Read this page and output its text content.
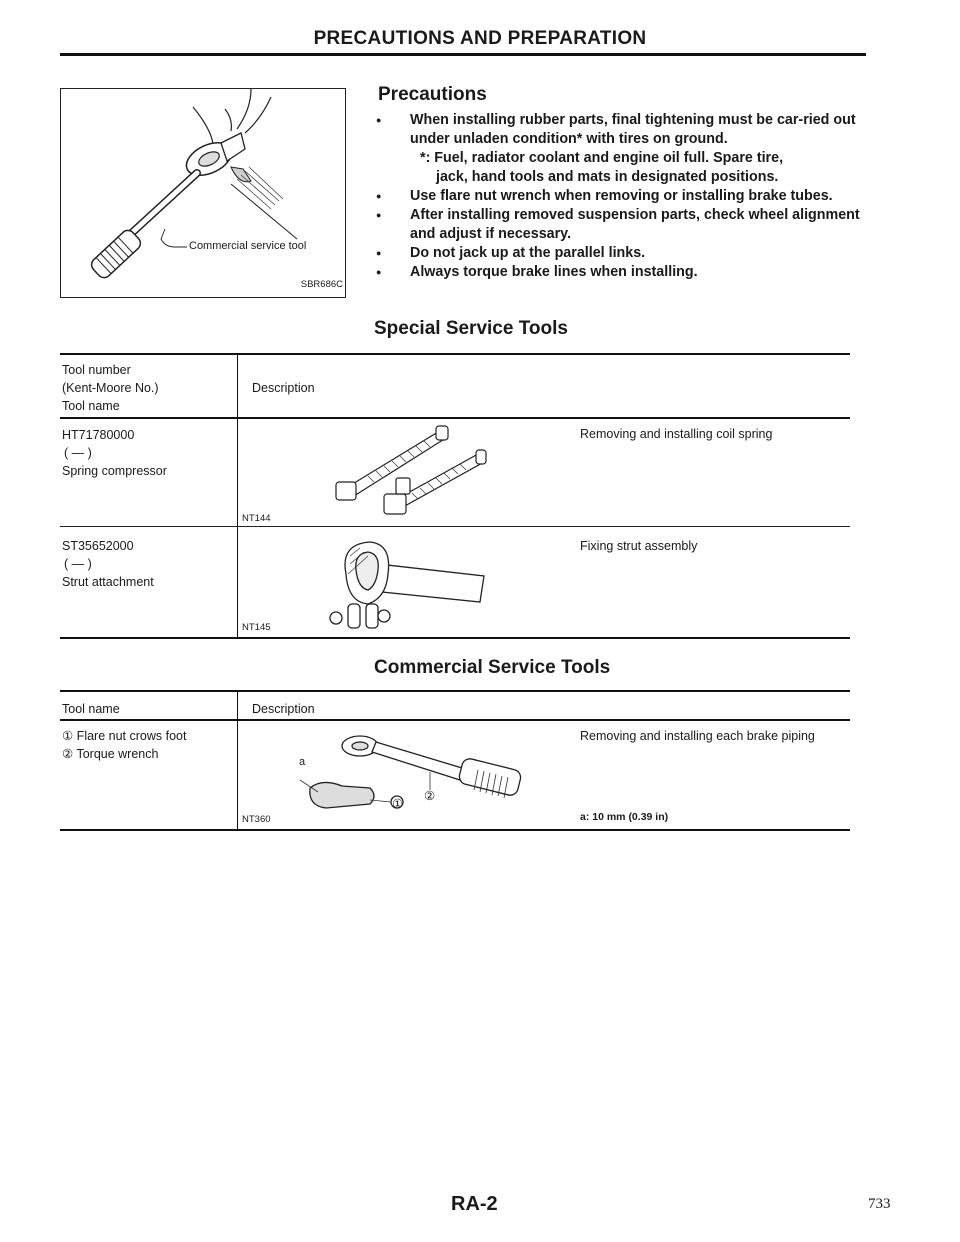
PRECAUTIONS AND PREPARATION
Commercial service tool
SBR686C
Precautions
● When installing rubber parts, final tightening must be car-ried out under unladen condition* with tires on ground.
*: Fuel, radiator coolant and engine oil full. Spare tire,
jack, hand tools and mats in designated positions.
● Use flare nut wrench when removing or installing brake tubes.
● After installing removed suspension parts, check wheel alignment and adjust if necessary.
● Do not jack up at the parallel links.
● Always torque brake lines when installing.
Special Service Tools
Tool number
(Kent-Moore No.)
Tool name
Description
HT71780000
( — )
Spring compressor
NT144
Removing and installing coil spring
ST35652000
( — )
Strut attachment
NT145
Fixing strut assembly
Commercial Service Tools
Tool name	Description
① Flare nut crows foot
② Torque wrench
a
①
②
NT360
Removing and installing each brake piping
a: 10 mm (0.39 in)
RA-2	733
